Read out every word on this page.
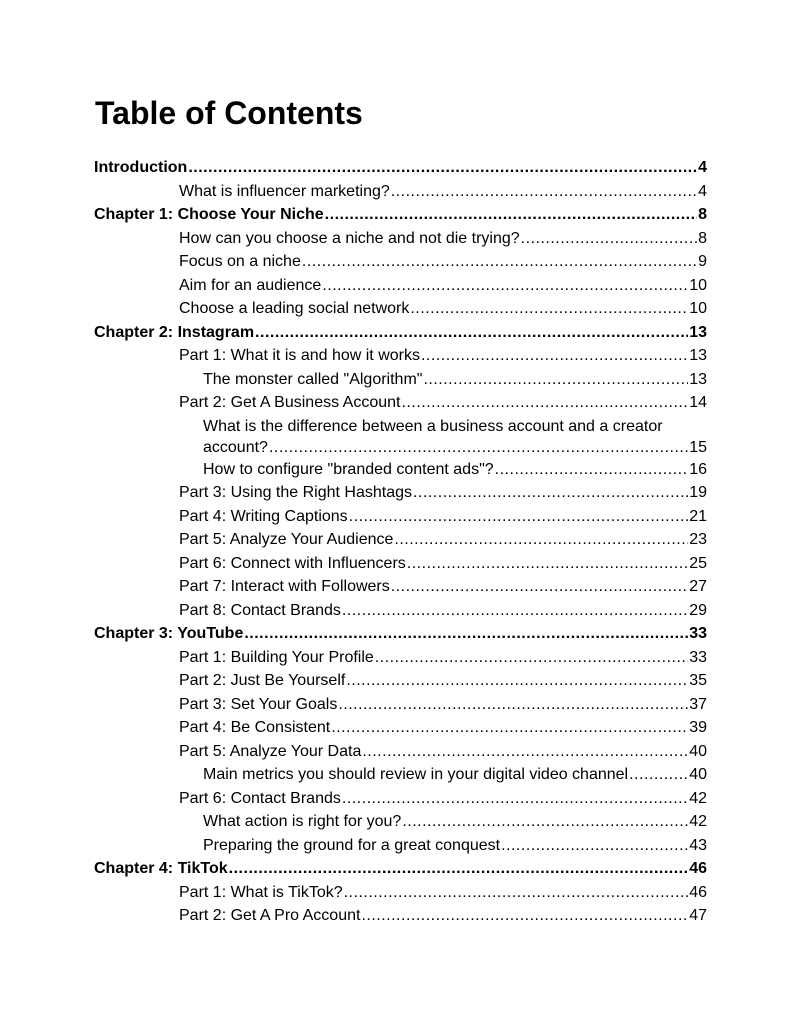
Table of Contents
Introduction .....	4
What is influencer marketing? .....	4
Chapter 1: Choose Your Niche .....	8
How can you choose a niche and not die trying? .....	8
Focus on a niche .....	9
Aim for an audience .....	10
Choose a leading social network .....	10
Chapter 2: Instagram .....	13
Part 1: What it is and how it works .....	13
The monster called "Algorithm" .....	13
Part 2: Get A Business Account .....	14
What is the difference between a business account and a creator
account? .....	15
How to configure "branded content ads"? .....	16
Part 3: Using the Right Hashtags .....	19
Part 4: Writing Captions .....	21
Part 5: Analyze Your Audience .....	23
Part 6: Connect with Influencers .....	25
Part 7: Interact with Followers .....	27
Part 8: Contact Brands .....	29
Chapter 3: YouTube .....	33
Part 1: Building Your Profile .....	33
Part 2: Just Be Yourself .....	35
Part 3: Set Your Goals .....	37
Part 4: Be Consistent .....	39
Part 5: Analyze Your Data .....	40
Main metrics you should review in your digital video channel .....	40
Part 6: Contact Brands .....	42
What action is right for you? .....	42
Preparing the ground for a great conquest .....	43
Chapter 4: TikTok .....	46
Part 1: What is TikTok? .....	46
Part 2: Get A Pro Account .....	47
